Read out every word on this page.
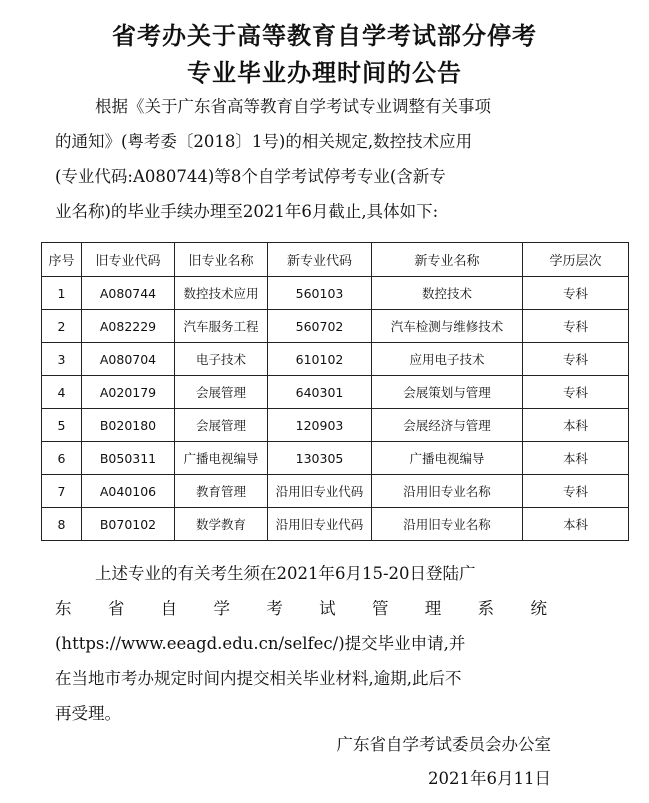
省考办关于高等教育自学考试部分停考
专业毕业办理时间的公告
根据《关于广东省高等教育自学考试专业调整有关事项
的通知》(粤考委〔2018〕1号)的相关规定,数控技术应用
(专业代码:A080744)等8个自学考试停考专业(含新专
业名称)的毕业手续办理至2021年6月截止,具体如下:
序号	旧专业代码	旧专业名称	新专业代码	新专业名称	学历层次
1	A080744	数控技术应用	560103	数控技术	专科
2	A082229	汽车服务工程	560702	汽车检测与维修技术	专科
3	A080704	电子技术	610102	应用电子技术	专科
4	A020179	会展管理	640301	会展策划与管理	专科
5	B020180	会展管理	120903	会展经济与管理	本科
6	B050311	广播电视编导	130305	广播电视编导	本科
7	A040106	教育管理	沿用旧专业代码	沿用旧专业名称	专科
8	B070102	数学教育	沿用旧专业代码	沿用旧专业名称	本科
上述专业的有关考生须在2021年6月15-20日登陆广
东 省 自 学 考 试 管 理 系 统
(https://www.eeagd.edu.cn/selfec/)提交毕业申请,并
在当地市考办规定时间内提交相关毕业材料,逾期,此后不
再受理。
广东省自学考试委员会办公室
2021年6月11日
